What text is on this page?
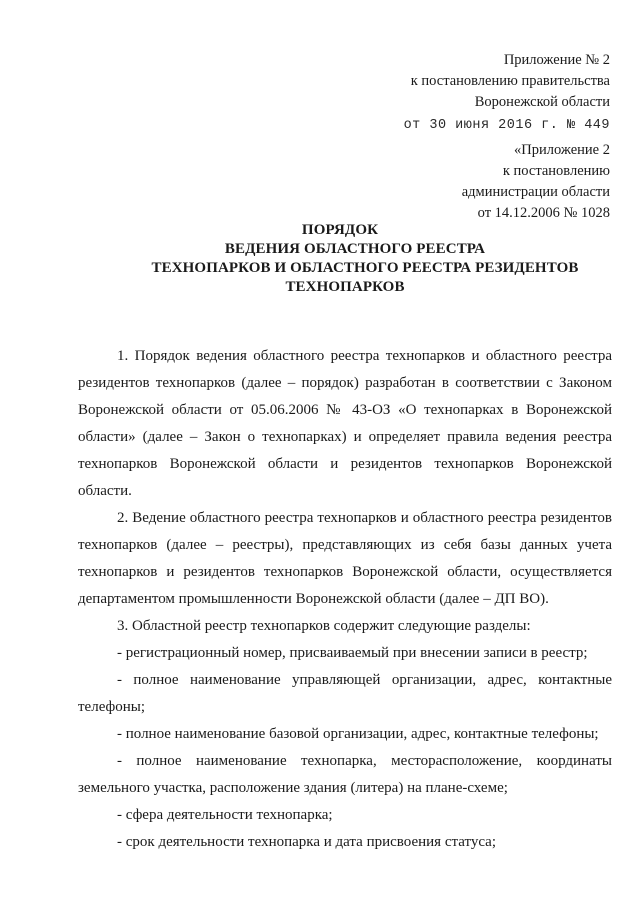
Приложение № 2
к постановлению правительства
Воронежской области
от 30 июня 2016 г. № 449
«Приложение 2
к постановлению
администрации области
от 14.12.2006 № 1028
ПОРЯДОК
ВЕДЕНИЯ ОБЛАСТНОГО РЕЕСТРА
ТЕХНОПАРКОВ И ОБЛАСТНОГО РЕЕСТРА РЕЗИДЕНТОВ
ТЕХНОПАРКОВ
1. Порядок ведения областного реестра технопарков и областного реестра
резидентов технопарков (далее – порядок) разработан в соответствии с Законом
Воронежской области от 05.06.2006 № 43-ОЗ «О технопарках в Воронежской
области» (далее – Закон о технопарках) и определяет правила ведения реестра
технопарков Воронежской области и резидентов технопарков Воронежской
области.
2. Ведение областного реестра технопарков и областного реестра резидентов
технопарков (далее – реестры), представляющих из себя базы данных учета
технопарков и резидентов технопарков Воронежской области, осуществляется
департаментом промышленности Воронежской области (далее – ДП ВО).
3. Областной реестр технопарков содержит следующие разделы:
- регистрационный номер, присваиваемый при внесении записи в реестр;
- полное наименование управляющей организации, адрес, контактные
телефоны;
- полное наименование базовой организации, адрес, контактные телефоны;
- полное наименование технопарка, месторасположение, координаты
земельного участка, расположение здания (литера) на плане-схеме;
- сфера деятельности технопарка;
- срок деятельности технопарка и дата присвоения статуса;
